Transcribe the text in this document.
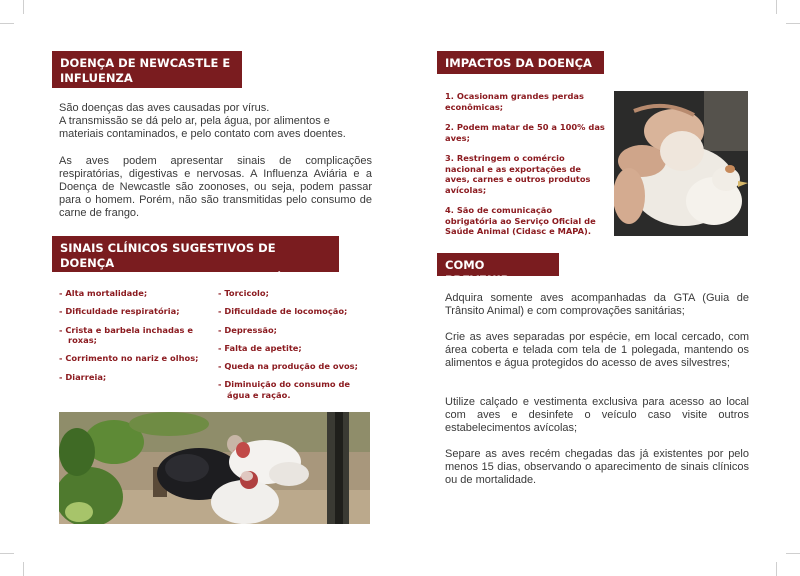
DOENÇA DE NEWCASTLE E
INFLUENZA

São doenças das aves causadas por vírus.
A transmissão se dá pelo ar, pela água, por alimentos e materiais contaminados, e pelo contato com aves doentes.

As aves podem apresentar sinais de complicações respiratórias, digestivas e nervosas. A Influenza Aviária e a Doença de Newcastle são zoonoses, ou seja, podem passar para o homem. Porém, não são transmitidas pelo consumo de carne de frango.

SINAIS CLÍNICOS SUGESTIVOS DE DOENÇA
DE NEWCASTLE E INFLUENZA AVIÁRIA
- Alta mortalidade;
- Dificuldade respiratória;
- Crista e barbela inchadas e roxas;
- Corrimento no nariz e olhos;
- Diarreia;
- Torcicolo;
- Dificuldade de locomoção;
- Depressão;
- Falta de apetite;
- Queda na produção de ovos;
- Diminuição do consumo de água e ração.
IMPACTOS DA DOENÇA
1. Ocasionam grandes perdas econômicas;
2. Podem matar de 50 a 100% das aves;
3. Restringem o comércio nacional e as exportações de aves, carnes e outros produtos avícolas;
4. São de comunicação obrigatória ao Serviço Oficial de Saúde Animal (Cidasc e MAPA).
COMO PREVENIR

Adquira somente aves acompanhadas da GTA (Guia de Trânsito Animal) e com comprovações sanitárias;

Crie as aves separadas por espécie, em local cercado, com área coberta e telada com tela de 1 polegada, mantendo os alimentos e água protegidos do acesso de aves silvestres;

Utilize calçado e vestimenta exclusiva para acesso ao local com aves e desinfete o veículo caso visite outros estabelecimentos avícolas;

Separe as aves recém chegadas das já existentes por pelo menos 15 dias, observando o aparecimento de sinais clínicos ou de mortalidade.
